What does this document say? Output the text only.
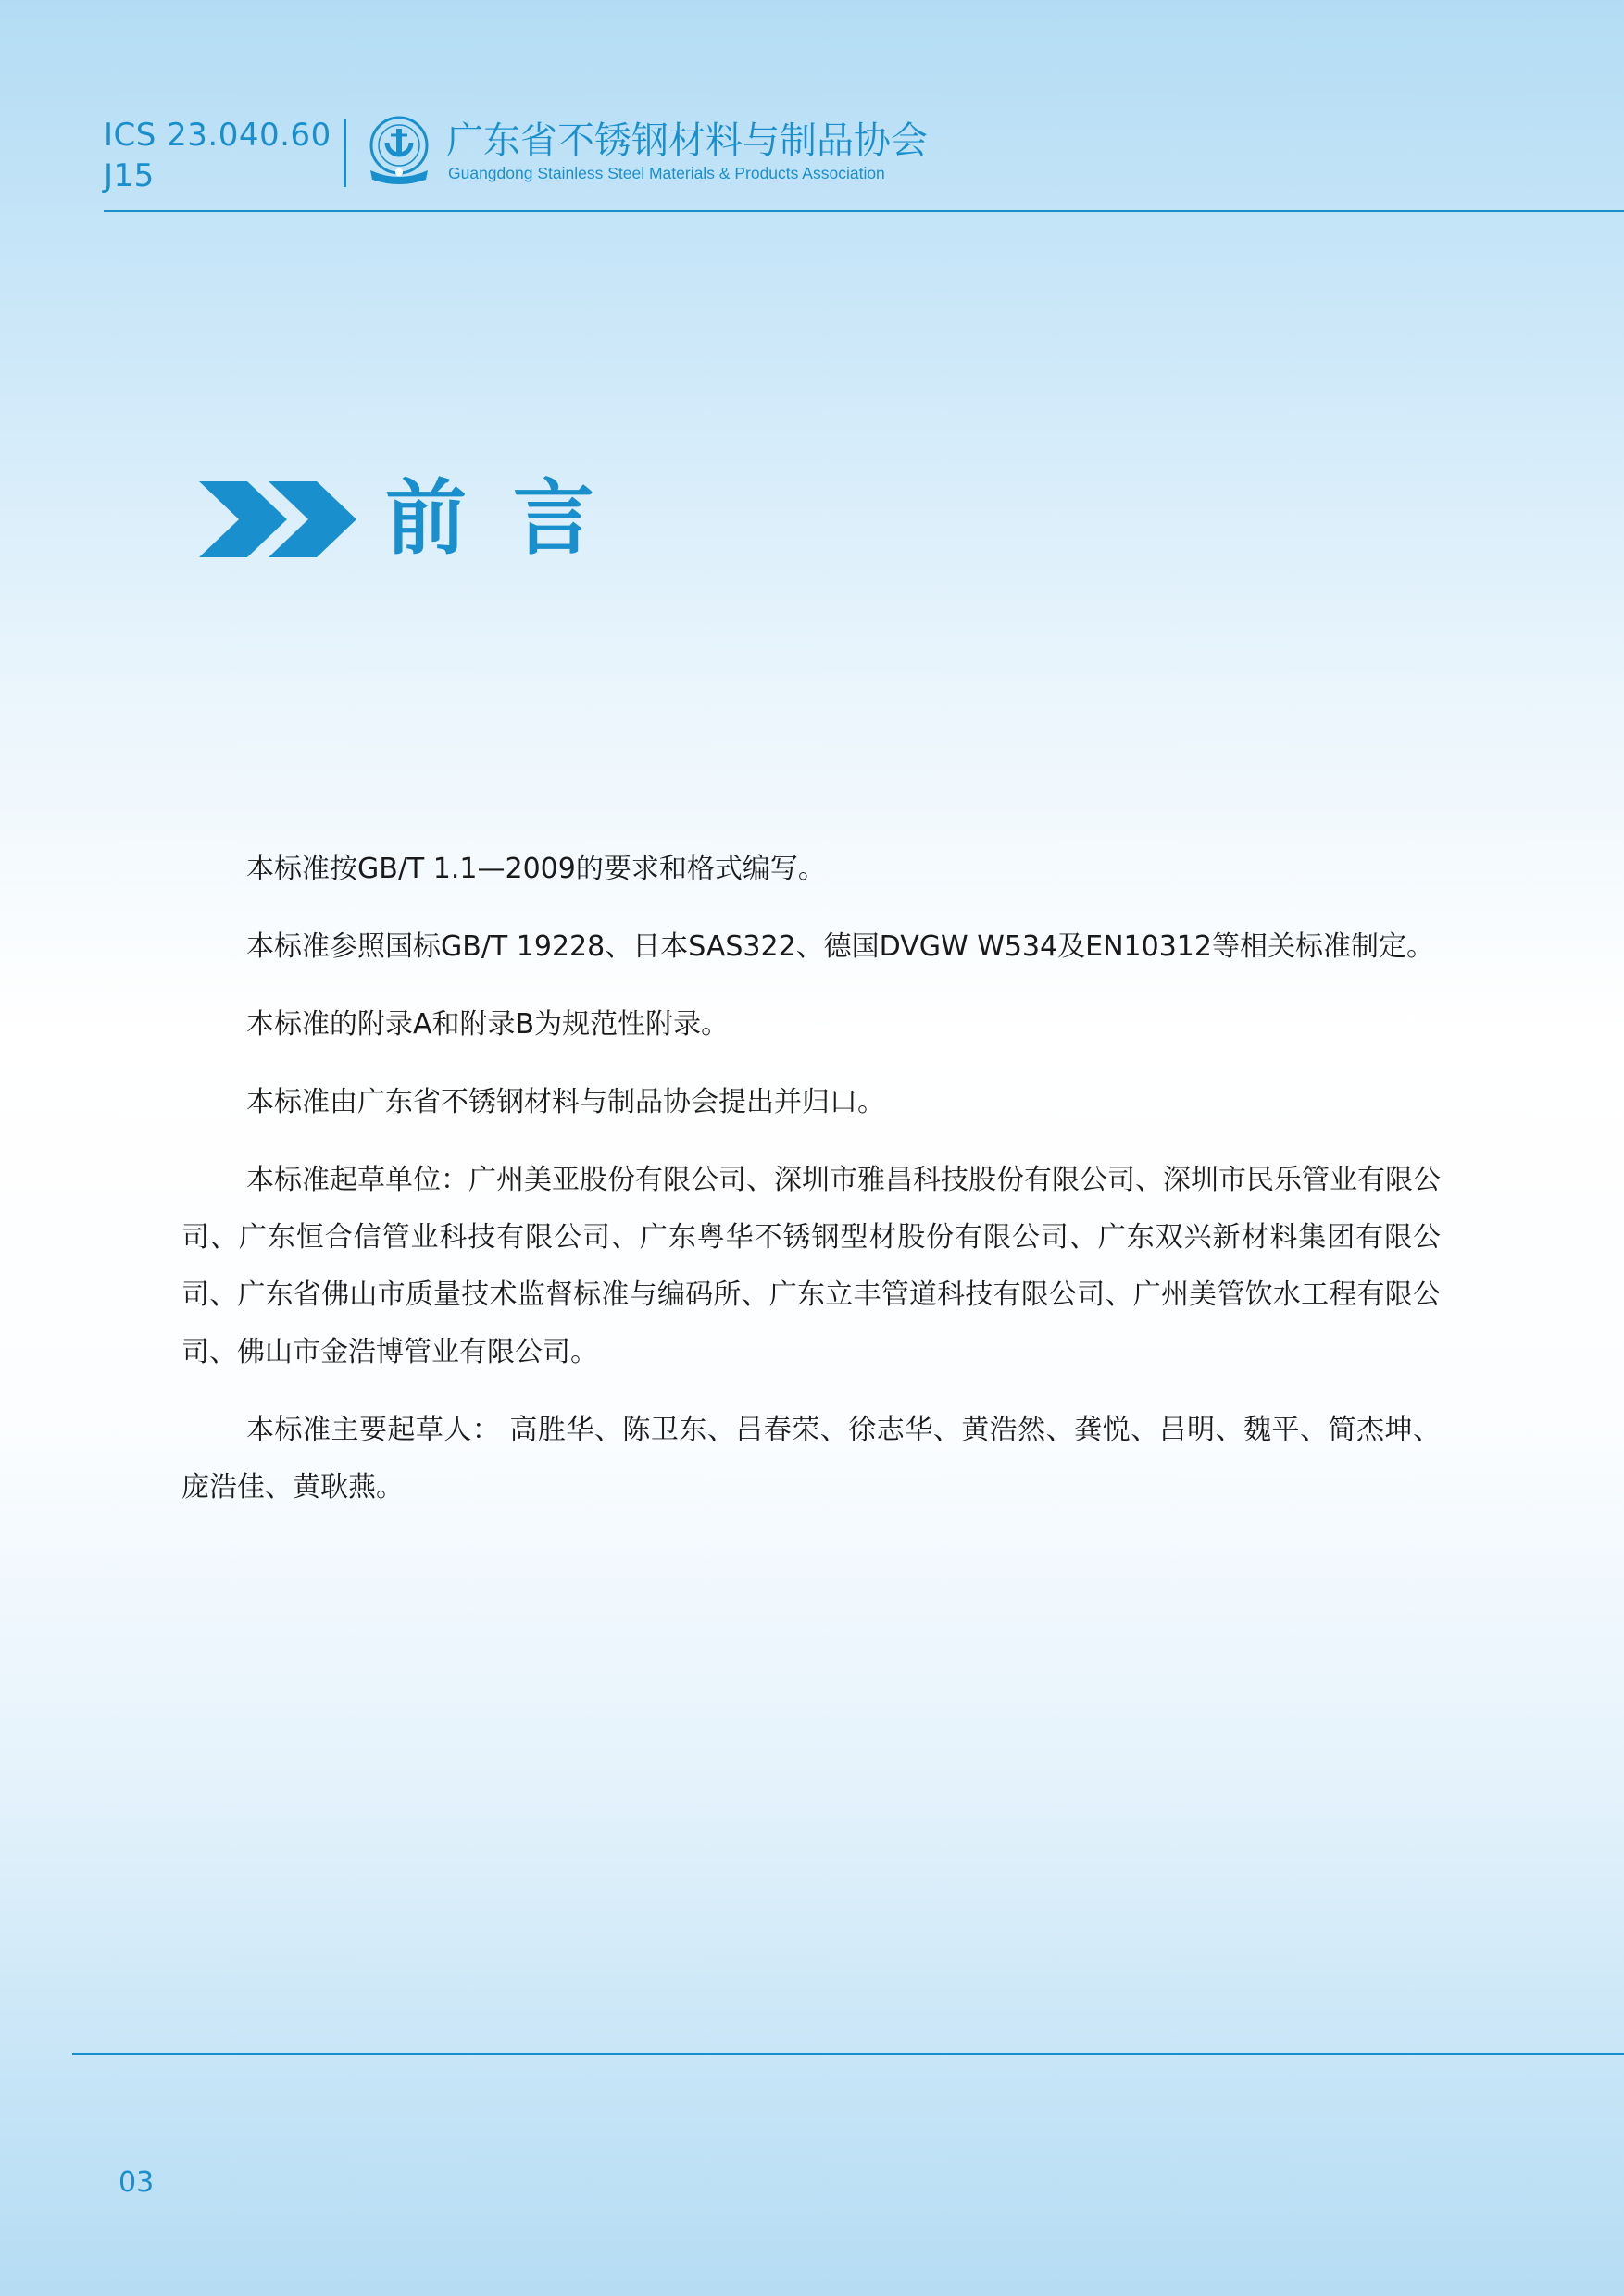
ICS 23.040.60
J15
广东省不锈钢材料与制品协会
Guangdong Stainless Steel Materials & Products Association
前言

本标准按GB/T 1.1—2009的要求和格式编写。

本标准参照国标GB/T 19228、日本SAS322、德国DVGW W534及EN10312等相关标准制定。

本标准的附录A和附录B为规范性附录。

本标准由广东省不锈钢材料与制品协会提出并归口。

本标准起草单位：广州美亚股份有限公司、深圳市雅昌科技股份有限公司、深圳市民乐管业有限公司、广东恒合信管业科技有限公司、广东粤华不锈钢型材股份有限公司、广东双兴新材料集团有限公司、广东省佛山市质量技术监督标准与编码所、广东立丰管道科技有限公司、广州美管饮水工程有限公司、佛山市金浩博管业有限公司。

本标准主要起草人： 高胜华、陈卫东、吕春荣、徐志华、黄浩然、龚悦、吕明、魏平、简杰坤、庞浩佳、黄耿燕。

03
